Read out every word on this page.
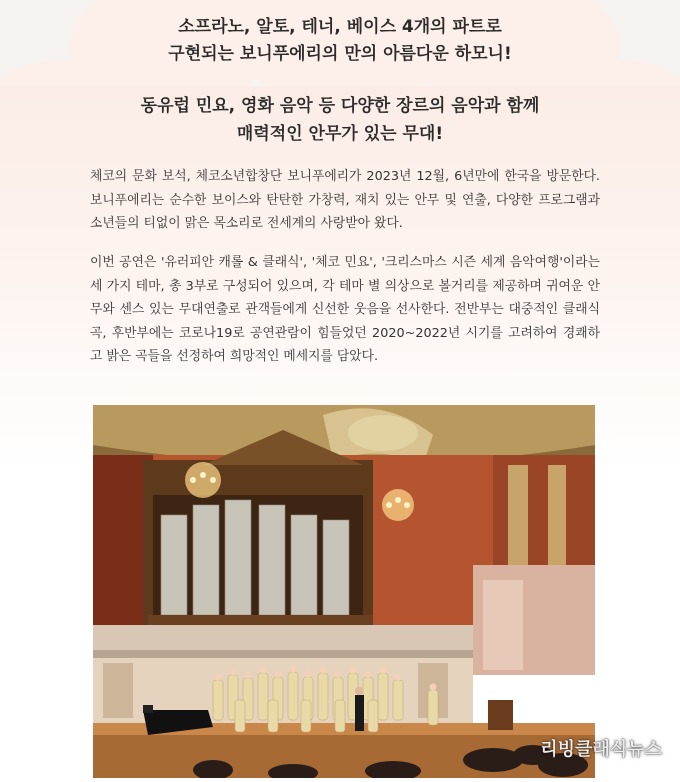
소프라노, 알토, 테너, 베이스 4개의 파트로
구현되는 보니푸에리의 만의 아름다운 하모니!
동유럽 민요, 영화 음악 등 다양한 장르의 음악과 함께
매력적인 안무가 있는 무대!

체코의 문화 보석, 체코소년합창단 보니푸에리가 2023년 12월, 6년만에 한국을 방문한다. 보니푸에리는 순수한 보이스와 탄탄한 가창력, 재치 있는 안무 및 연출, 다양한 프로그램과 소년들의 티없이 맑은 목소리로 전세계의 사랑받아 왔다.

이번 공연은 '유러피안 캐롤 & 클래식', '체코 민요', '크리스마스 시즌 세계 음악여행'이라는 세 가지 테마, 총 3부로 구성되어 있으며, 각 테마 별 의상으로 볼거리를 제공하며 귀여운 안무와 센스 있는 무대연출로 관객들에게 신선한 웃음을 선사한다. 전반부는 대중적인 클래식곡, 후반부에는 코로나19로 공연관람이 힘들었던 2020~2022년 시기를 고려하여 경쾌하고 밝은 곡들을 선정하여 희망적인 메세지를 담았다.

리빙클래식뉴스
